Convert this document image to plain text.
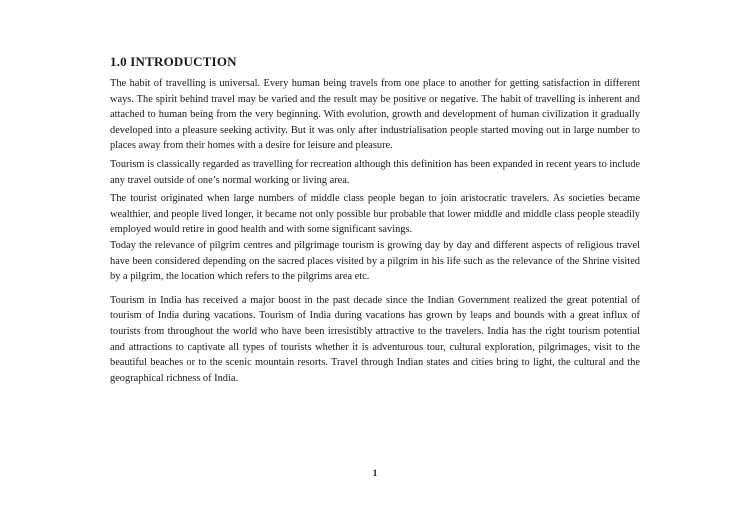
1.0 INTRODUCTION

The habit of travelling is universal. Every human being travels from one place to another for getting satisfaction in different ways. The spirit behind travel may be varied and the result may be positive or negative. The habit of travelling is inherent and attached to human being from the very beginning. With evolution, growth and development of human civilization it gradually developed into a pleasure seeking activity. But it was only after industrialisation people started moving out in large number to places away from their homes with a desire for leisure and pleasure.

Tourism is classically regarded as travelling for recreation although this definition has been expanded in recent years to include any travel outside of one’s normal working or living area.

The tourist originated when large numbers of middle class people began to join aristocratic travelers. As societies became wealthier, and people lived longer, it became not only possible bur probable that lower middle and middle class people steadily employed would retire in good health and with some significant savings.

Today the relevance of pilgrim centres and pilgrimage tourism is growing day by day and different aspects of religious travel have been considered depending on the sacred places visited by a pilgrim in his life such as the relevance of the Shrine visited by a pilgrim, the location which refers to the pilgrims area etc.

Tourism in India has received a major boost in the past decade since the Indian Government realized the great potential of tourism of India during vacations. Tourism of India during vacations has grown by leaps and bounds with a great influx of tourists from throughout the world who have been irresistibly attractive to the travelers. India has the right tourism potential and attractions to captivate all types of tourists whether it is adventurous tour, cultural exploration, pilgrimages, visit to the beautiful beaches or to the scenic mountain resorts. Travel through Indian states and cities bring to light, the cultural and the geographical richness of India.

1
